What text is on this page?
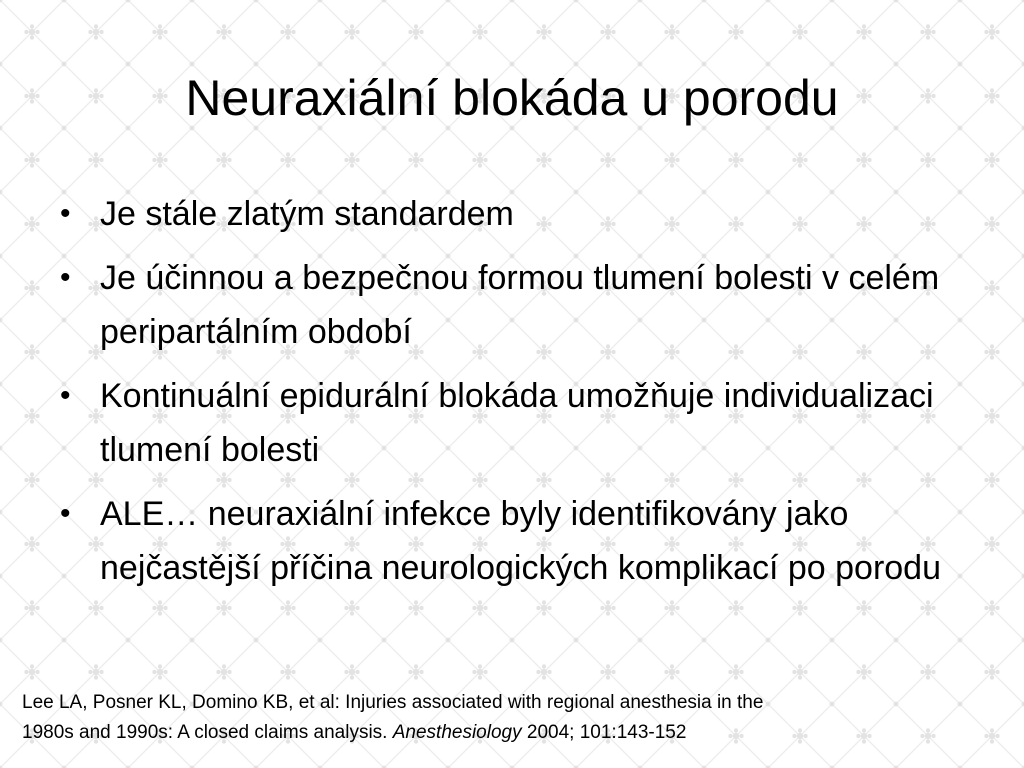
Neuraxiální blokáda u porodu
• Je stále zlatým standardem
• Je účinnou a bezpečnou formou tlumení bolesti v celém peripartálním období
• Kontinuální epidurální blokáda umožňuje individualizaci tlumení bolesti
• ALE… neuraxiální infekce byly identifikovány jako nejčastější příčina neurologických komplikací po porodu

Lee LA, Posner KL, Domino KB, et al: Injuries associated with regional anesthesia in the
1980s and 1990s: A closed claims analysis. Anesthesiology 2004; 101:143-152
